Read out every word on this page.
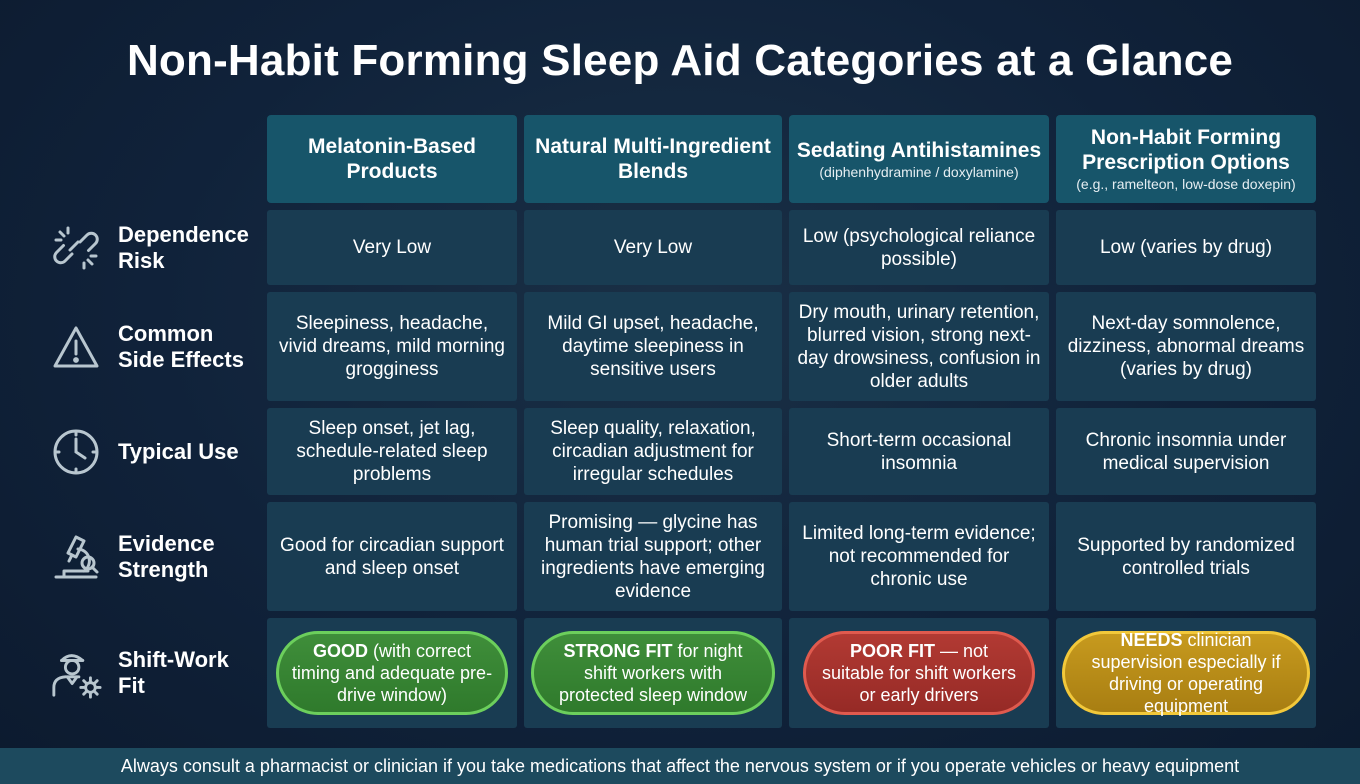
Non-Habit Forming Sleep Aid Categories at a Glance
Melatonin-Based Products
Natural Multi-Ingredient Blends
Sedating Antihistamines
(diphenhydramine / doxylamine)
Non-Habit Forming Prescription Options
(e.g., ramelteon, low-dose doxepin)
Dependence Risk	Very Low	Very Low
Low (psychological reliance possible)
Low (varies by drug)
Common Side Effects
Sleepiness, headache, vivid dreams, mild morning grogginess
Mild GI upset, headache, daytime sleepiness in sensitive users
Dry mouth, urinary retention, blurred vision, strong next-day drowsiness, confusion in older adults
Next-day somnolence, dizziness, abnormal dreams (varies by drug)
Typical Use
Sleep onset, jet lag, schedule-related sleep problems
Sleep quality, relaxation, circadian adjustment for irregular schedules
Short-term occasional insomnia
Chronic insomnia under medical supervision
Evidence Strength
Good for circadian support and sleep onset
Promising — glycine has human trial support; other ingredients have emerging evidence
Limited long-term evidence; not recommended for chronic use
Supported by randomized controlled trials
Shift-Work Fit
GOOD (with correct timing and adequate pre-drive window)
STRONG FIT for night shift workers with protected sleep window
POOR FIT — not suitable for shift workers or early drivers
NEEDS clinician supervision especially if driving or operating equipment
Always consult a pharmacist or clinician if you take medications that affect the nervous system or if you operate vehicles or heavy equipment
